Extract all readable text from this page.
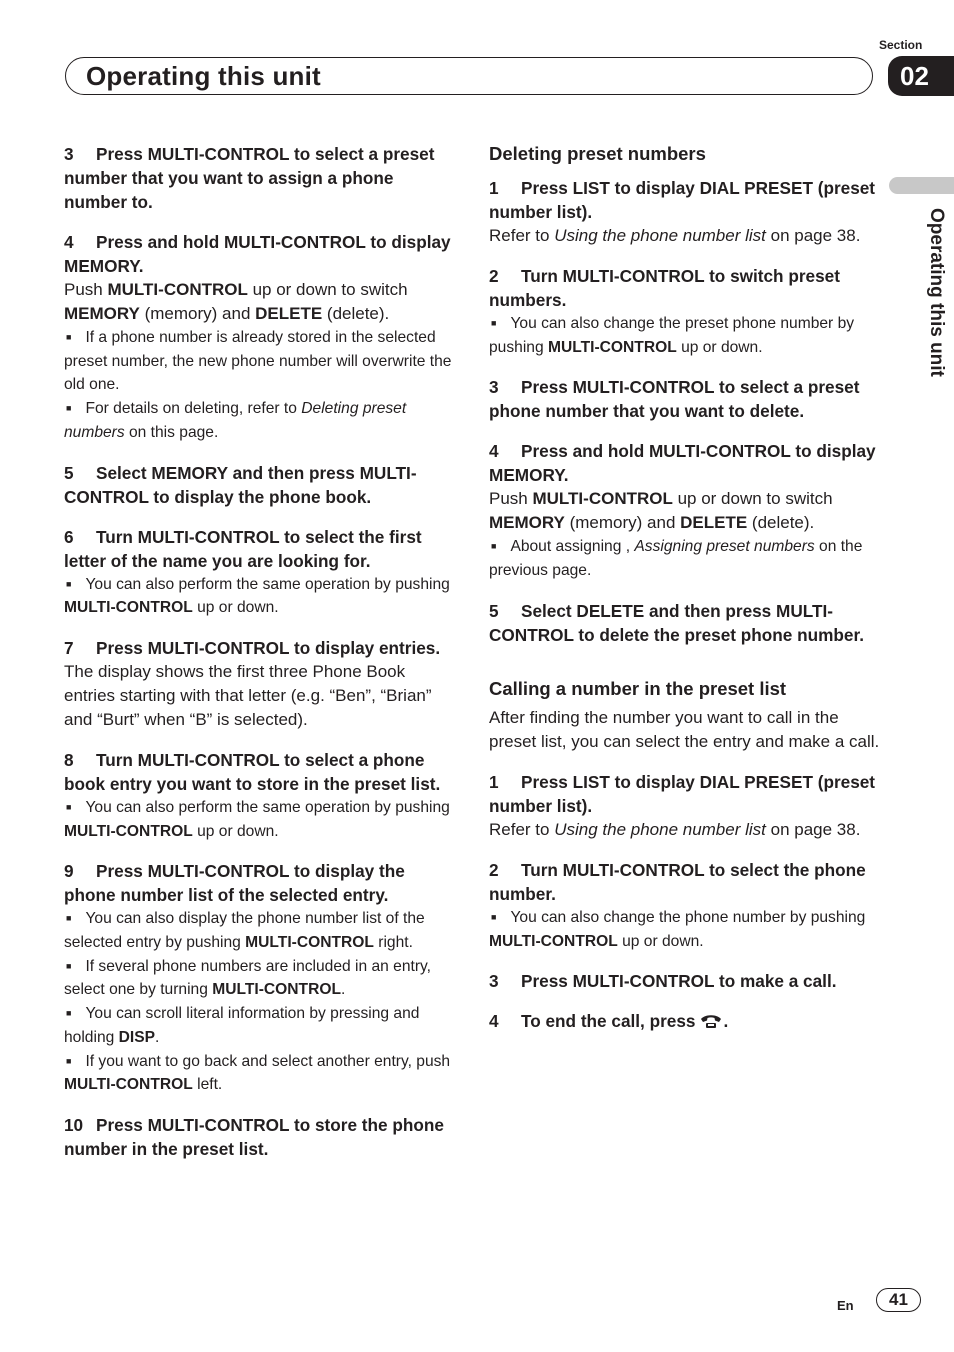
Section
Operating this unit	02
Operating this unit

3 Press MULTI-CONTROL to select a preset number that you want to assign a phone number to.

4 Press and hold MULTI-CONTROL to display MEMORY.

Push MULTI-CONTROL up or down to switch MEMORY (memory) and DELETE (delete).

■ If a phone number is already stored in the selected preset number, the new phone number will overwrite the old one.

■ For details on deleting, refer to Deleting preset numbers on this page.

5 Select MEMORY and then press MULTI-CONTROL to display the phone book.

6 Turn MULTI-CONTROL to select the first letter of the name you are looking for.

■ You can also perform the same operation by pushing MULTI-CONTROL up or down.

7 Press MULTI-CONTROL to display entries.

The display shows the first three Phone Book entries starting with that letter (e.g. “Ben”, “Brian” and “Burt” when “B” is selected).

8 Turn MULTI-CONTROL to select a phone book entry you want to store in the preset list.

■ You can also perform the same operation by pushing MULTI-CONTROL up or down.

9 Press MULTI-CONTROL to display the phone number list of the selected entry.

■ You can also display the phone number list of the selected entry by pushing MULTI-CONTROL right.

■ If several phone numbers are included in an entry, select one by turning MULTI-CONTROL.

■ You can scroll literal information by pressing and holding DISP.

■ If you want to go back and select another entry, push MULTI-CONTROL left.

10 Press MULTI-CONTROL to store the phone number in the preset list.

Deleting preset numbers

1 Press LIST to display DIAL PRESET (preset number list).

Refer to Using the phone number list on page 38.

2 Turn MULTI-CONTROL to switch preset numbers.

■ You can also change the preset phone number by pushing MULTI-CONTROL up or down.

3 Press MULTI-CONTROL to select a preset phone number that you want to delete.

4 Press and hold MULTI-CONTROL to display MEMORY.

Push MULTI-CONTROL up or down to switch MEMORY (memory) and DELETE (delete).

■ About assigning , Assigning preset numbers on the previous page.

5 Select DELETE and then press MULTI-CONTROL to delete the preset phone number.

Calling a number in the preset list

After finding the number you want to call in the preset list, you can select the entry and make a call.

1 Press LIST to display DIAL PRESET (preset number list).

Refer to Using the phone number list on page 38.

2 Turn MULTI-CONTROL to select the phone number.

■ You can also change the phone number by pushing MULTI-CONTROL up or down.

3 Press MULTI-CONTROL to make a call.

4 To end the call, press .

En	41
